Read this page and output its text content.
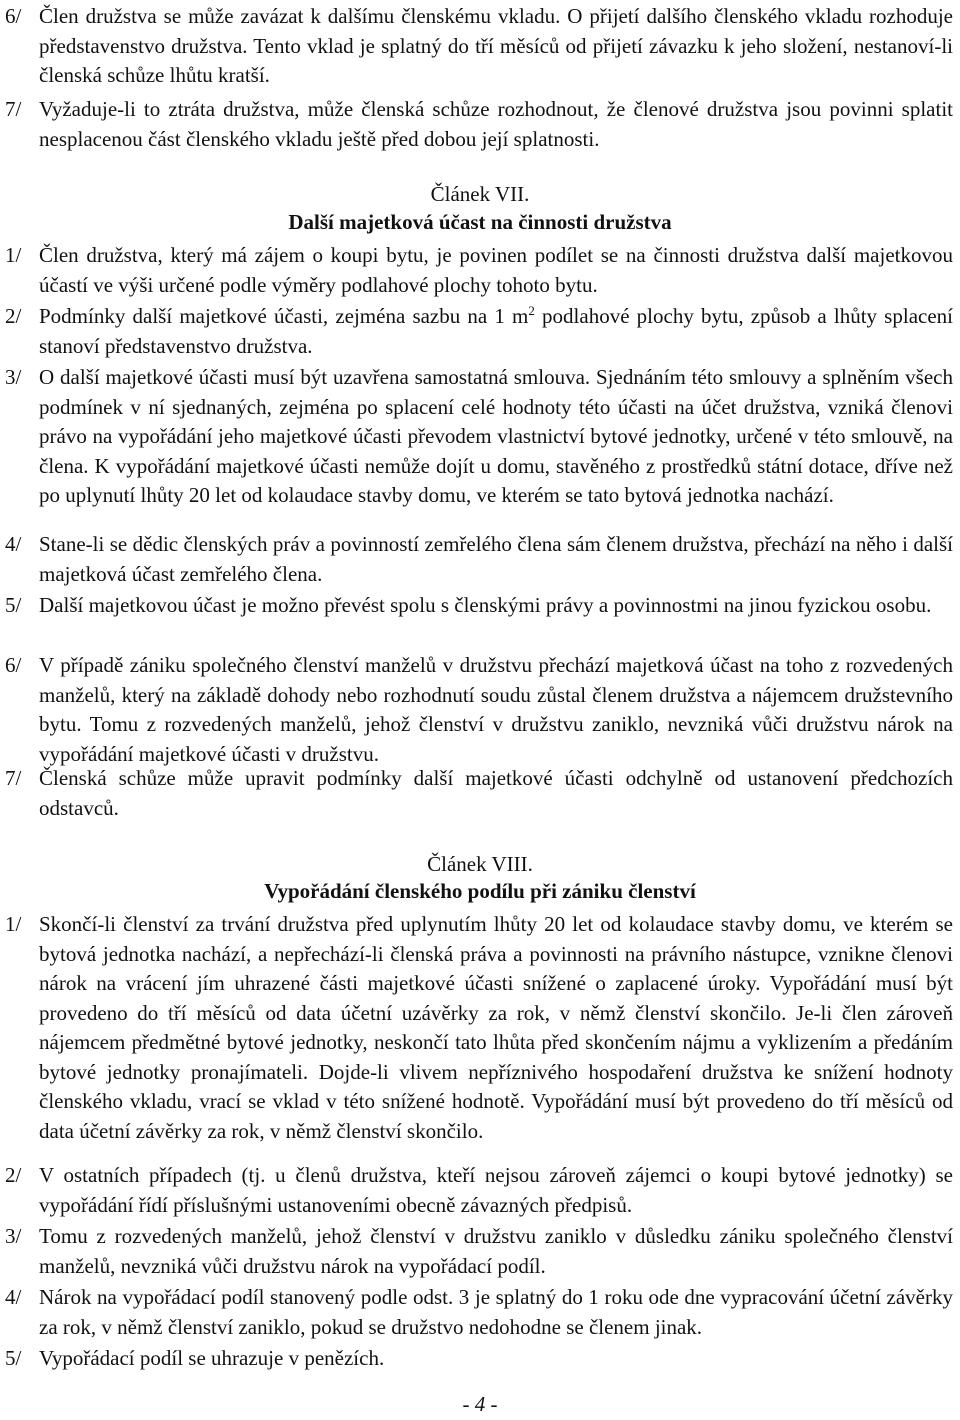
6/ Člen družstva se může zavázat k dalšímu členskému vkladu. O přijetí dalšího členského vkladu rozhoduje představenstvo družstva. Tento vklad je splatný do tří měsíců od přijetí závazku k jeho složení, nestanoví-li členská schůze lhůtu kratší.
7/ Vyžaduje-li to ztráta družstva, může členská schůze rozhodnout, že členové družstva jsou povinni splatit nesplacenou část členského vkladu ještě před dobou její splatnosti.
Článek VII.
Další majetková účast na činnosti družstva
1/ Člen družstva, který má zájem o koupi bytu, je povinen podílet se na činnosti družstva další majetkovou účastí ve výši určené podle výměry podlahové plochy tohoto bytu.
2/ Podmínky další majetkové účasti, zejména sazbu na 1 $m^2$ podlahové plochy bytu, způsob a lhůty splacení stanoví představenstvo družstva.
3/ O další majetkové účasti musí být uzavřena samostatná smlouva. Sjednáním této smlouvy a splněním všech podmínek v ní sjednaných, zejména po splacení celé hodnoty této účasti na účet družstva, vzniká členovi právo na vypořádání jeho majetkové účasti převodem vlastnictví bytové jednotky, určené v této smlouvě, na člena. K vypořádání majetkové účasti nemůže dojít u domu, stavěného z prostředků státní dotace, dříve než po uplynutí lhůty 20 let od kolaudace stavby domu, ve kterém se tato bytová jednotka nachází.
4/ Stane-li se dědic členských práv a povinností zemřelého člena sám členem družstva, přechází na něho i další majetková účast zemřelého člena.
5/ Další majetkovou účast je možno převést spolu s členskými právy a povinnostmi na jinou fyzickou osobu.
6/ V případě zániku společného členství manželů v družstvu přechází majetková účast na toho z rozvedených manželů, který na základě dohody nebo rozhodnutí soudu zůstal členem družstva a nájemcem družstevního bytu. Tomu z rozvedených manželů, jehož členství v družstvu zaniklo, nevzniká vůči družstvu nárok na vypořádání majetkové účasti v družstvu.
7/ Členská schůze může upravit podmínky další majetkové účasti odchylně od ustanovení předchozích odstavců.
Článek VIII.
Vypořádání členského podílu při zániku členství
1/ Skončí-li členství za trvání družstva před uplynutím lhůty 20 let od kolaudace stavby domu, ve kterém se bytová jednotka nachází, a nepřechází-li členská práva a povinnosti na právního nástupce, vznikne členovi nárok na vrácení jím uhrazené části majetkové účasti snížené o zaplacené úroky. Vypořádání musí být provedeno do tří měsíců od data účetní uzávěrky za rok, v němž členství skončilo. Je-li člen zároveň nájemcem předmětné bytové jednotky, neskončí tato lhůta před skončením nájmu a vyklizením a předáním bytové jednotky pronajímateli. Dojde-li vlivem nepříznivého hospodaření družstva ke snížení hodnoty členského vkladu, vrací se vklad v této snížené hodnotě. Vypořádání musí být provedeno do tří měsíců od data účetní závěrky za rok, v němž členství skončilo.
2/ V ostatních případech (tj. u členů družstva, kteří nejsou zároveň zájemci o koupi bytové jednotky) se vypořádání řídí příslušnými ustanoveními obecně závazných předpisů.
3/ Tomu z rozvedených manželů, jehož členství v družstvu zaniklo v důsledku zániku společného členství manželů, nevzniká vůči družstvu nárok na vypořádací podíl.
4/ Nárok na vypořádací podíl stanovený podle odst. 3 je splatný do 1 roku ode dne vypracování účetní závěrky za rok, v němž členství zaniklo, pokud se družstvo nedohodne se členem jinak.
5/ Vypořádací podíl se uhrazuje v penězích.
- 4 -
